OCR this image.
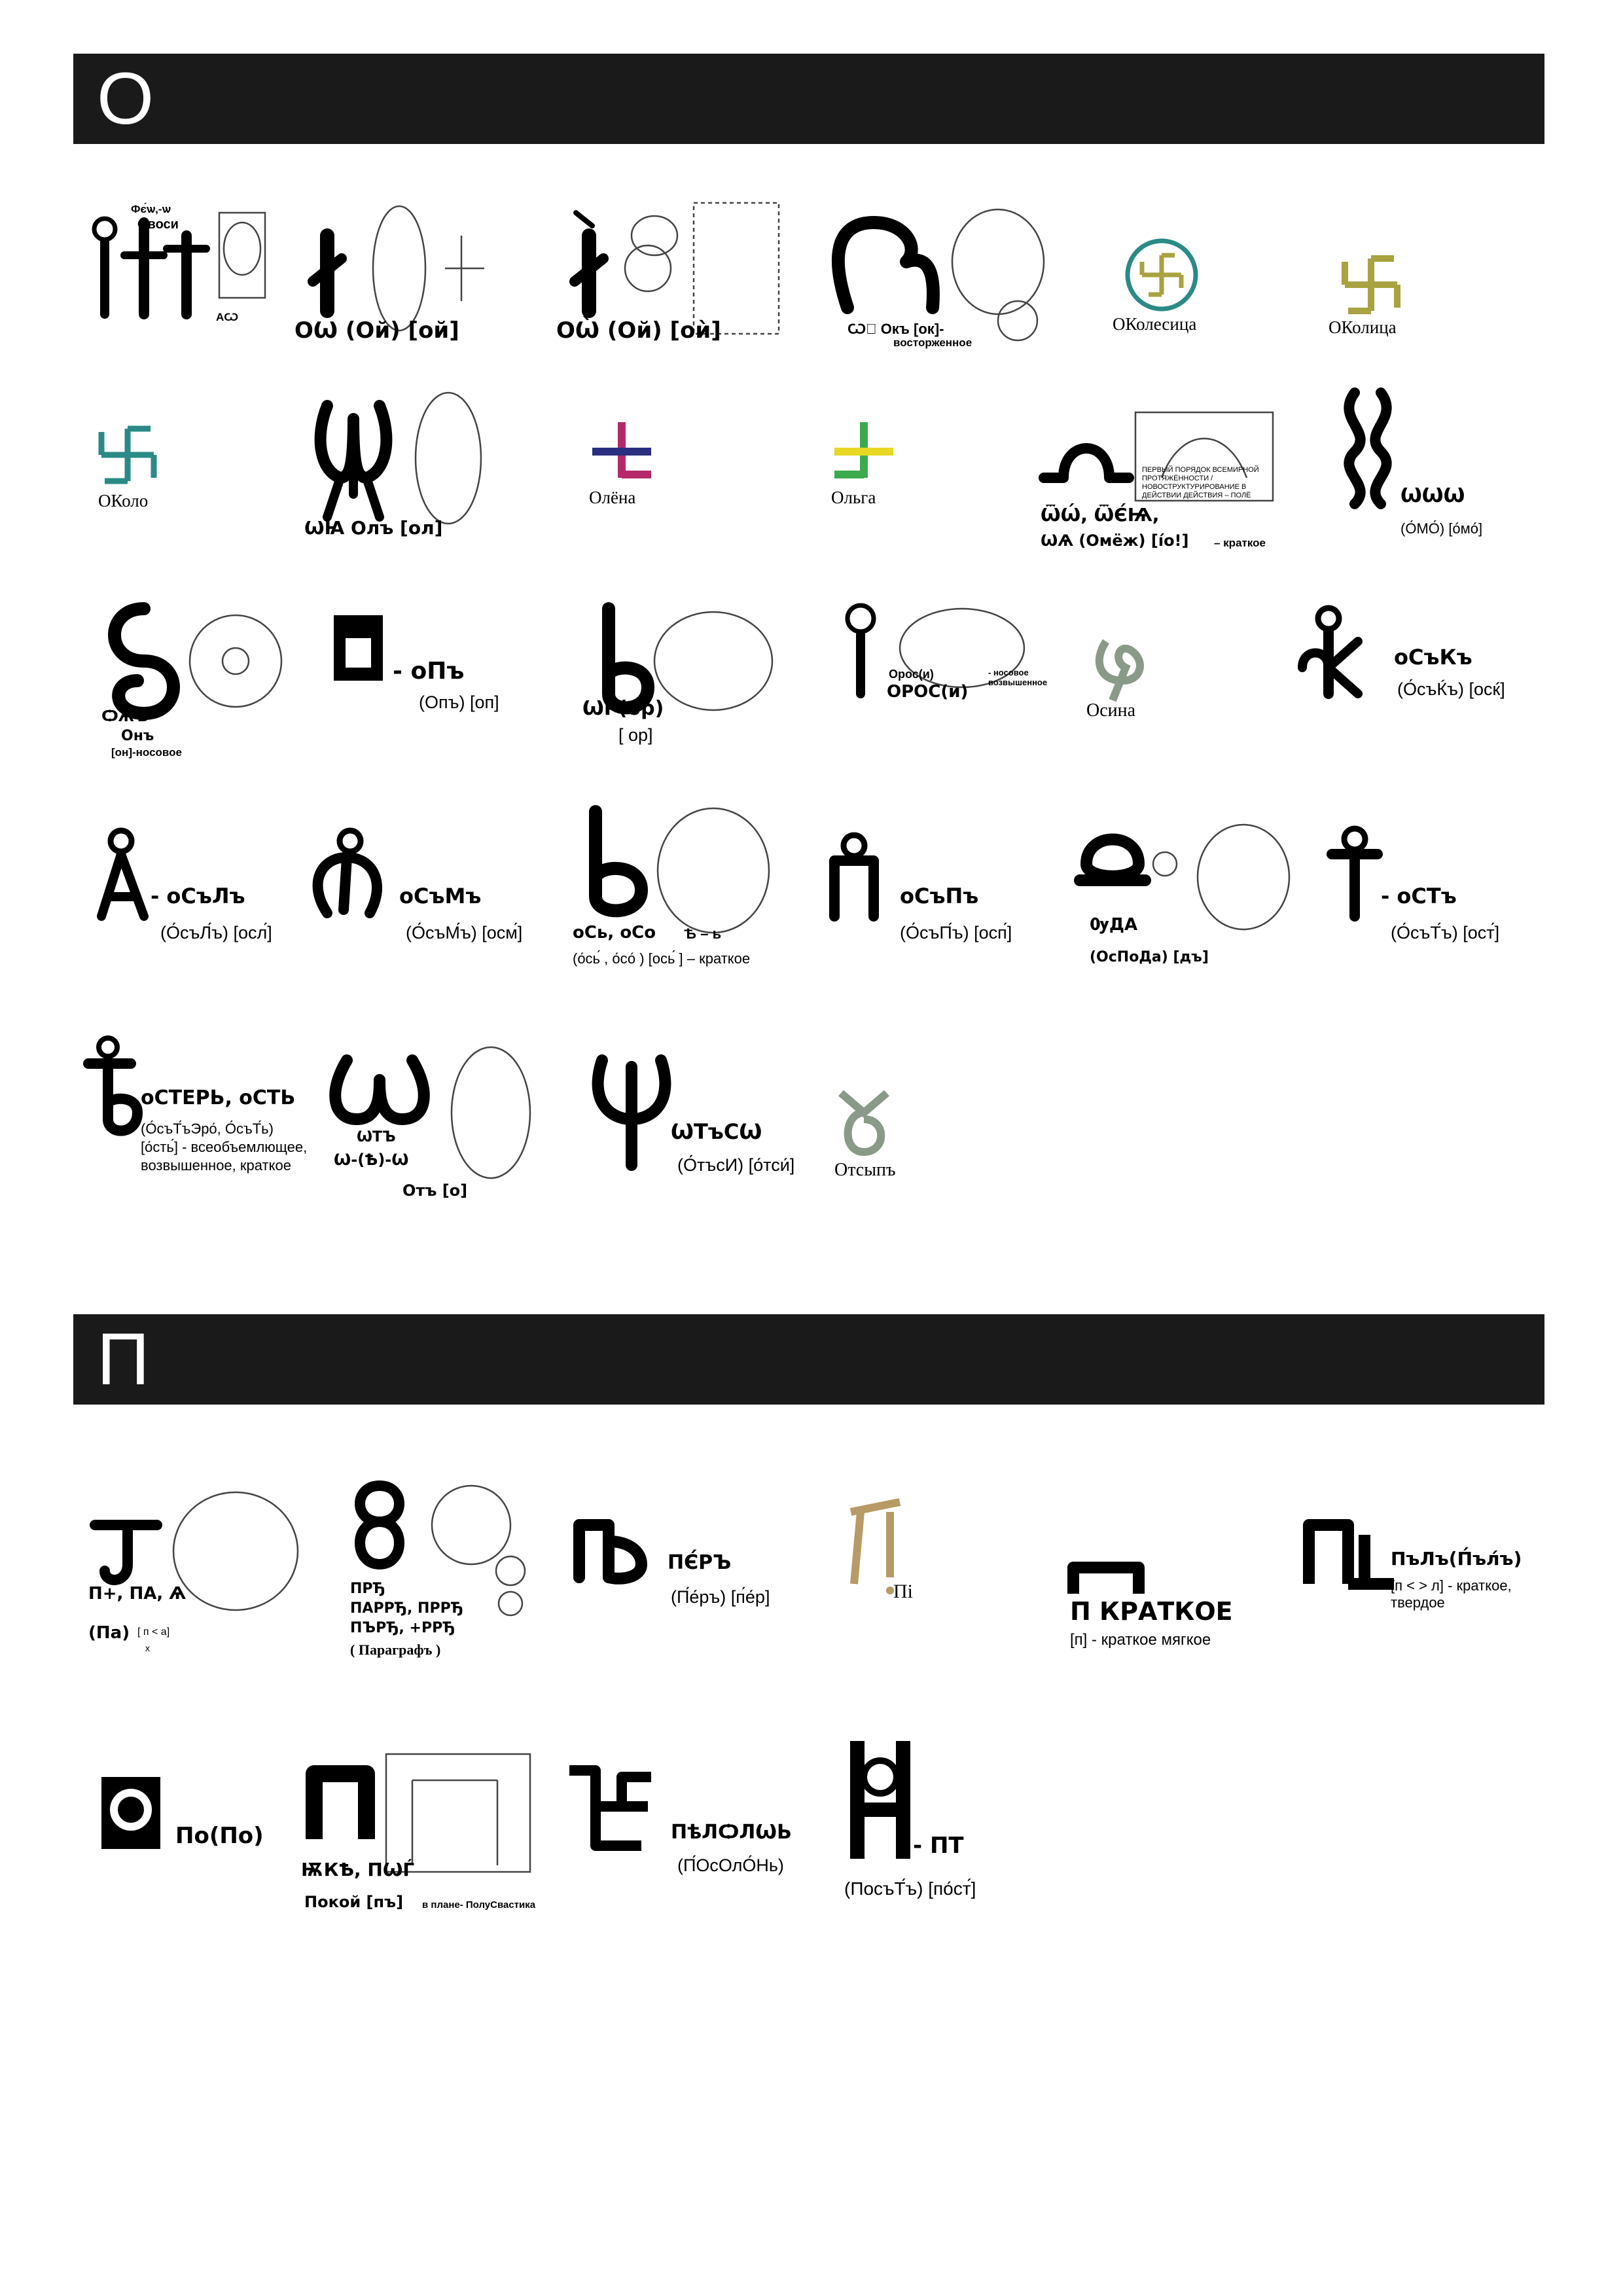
О
Фє́ѡ,-ѡ
Овоси
АѠ
ОѠ (Ой) [ой]	ОѠ̀ (Ой) [оѝ]	Ѡ꙱ Окъ [ок]-
восторженное
ОКолесица	ОКолица
ОКоло
ѠꙖ Олъ [ол]
Олёна	Ольга
ПЕРВЫЙ ПОРЯДОК ВСЕМИРНОЙ ПРОТЯЖЁННОСТИ / НОВОСТРУКТУРИРОВАНИЕ В ДЕЙСТВИИ ДЕЙСТВИЯ – ПОЛЁ
ѾѠ́, ѾЄ́Ѩ,
ѠѦ (Омёж) [ío!] – краткое
ѠѠѠ
(О́МО́) [óмó]
ѺѦЪ
Онъ
[он]-носовое
- оПъ
(Опъ) [оп]	ѠР(ор)
[ ор]
Орос(и)
ОРОС(и)
- носовое возвышенное
Осина
оСъКъ
(О́съЌъ) [осќ]
- оСъЛъ
(О́съЛ́ъ) [осл́]
оСъМъ
(О́съМ́ъ) [осм́]	оСь, оСо Ѣ – ь
(о́сь́ , о́со́ ) [ось́ ] – краткое
оСъПъ
(О́съП́ъ) [осп́]	ѸДА
(ОсПоДа) [дъ]
- оСТъ
(О́съТ́ъ) [ост́]
оСТЕРЬ, оСТЬ
(О́съТ́ъЭро́, О́съТ́ь)
[о́сть́] - всеобъемлющее,
возвышенное, краткое
ѠТЪ
Ѡ-(Ѣ)-Ѡ
Отъ [о]
ѠТъСѠ
(О́тъсИ) [о́тси́] Отсыпъ
П
П+, ПА, Ѧ
(Па) [ п < а]
х
ПРЂ
ПАРРЂ, ПРРЂ
ПЪРЂ, +РРЂ
( Параграфъ )
ПЄ́РЪ
(П́е́ръ) [п́е́р]	Пі
П КРАТКОЕ
[п] - краткое мягкое
ПъЛъ(П́ъл́ъ)
[п < > л] - краткое, твердое
По(По)
ѬКѢ, ПѠЃ
Покой [пъ] в плане- ПолуСвастика
ПѣЛѺЛѠЬ
(П́ОсОлО́Нь)
- ПТ
(ПосъТ́ъ) [по́ст́]
